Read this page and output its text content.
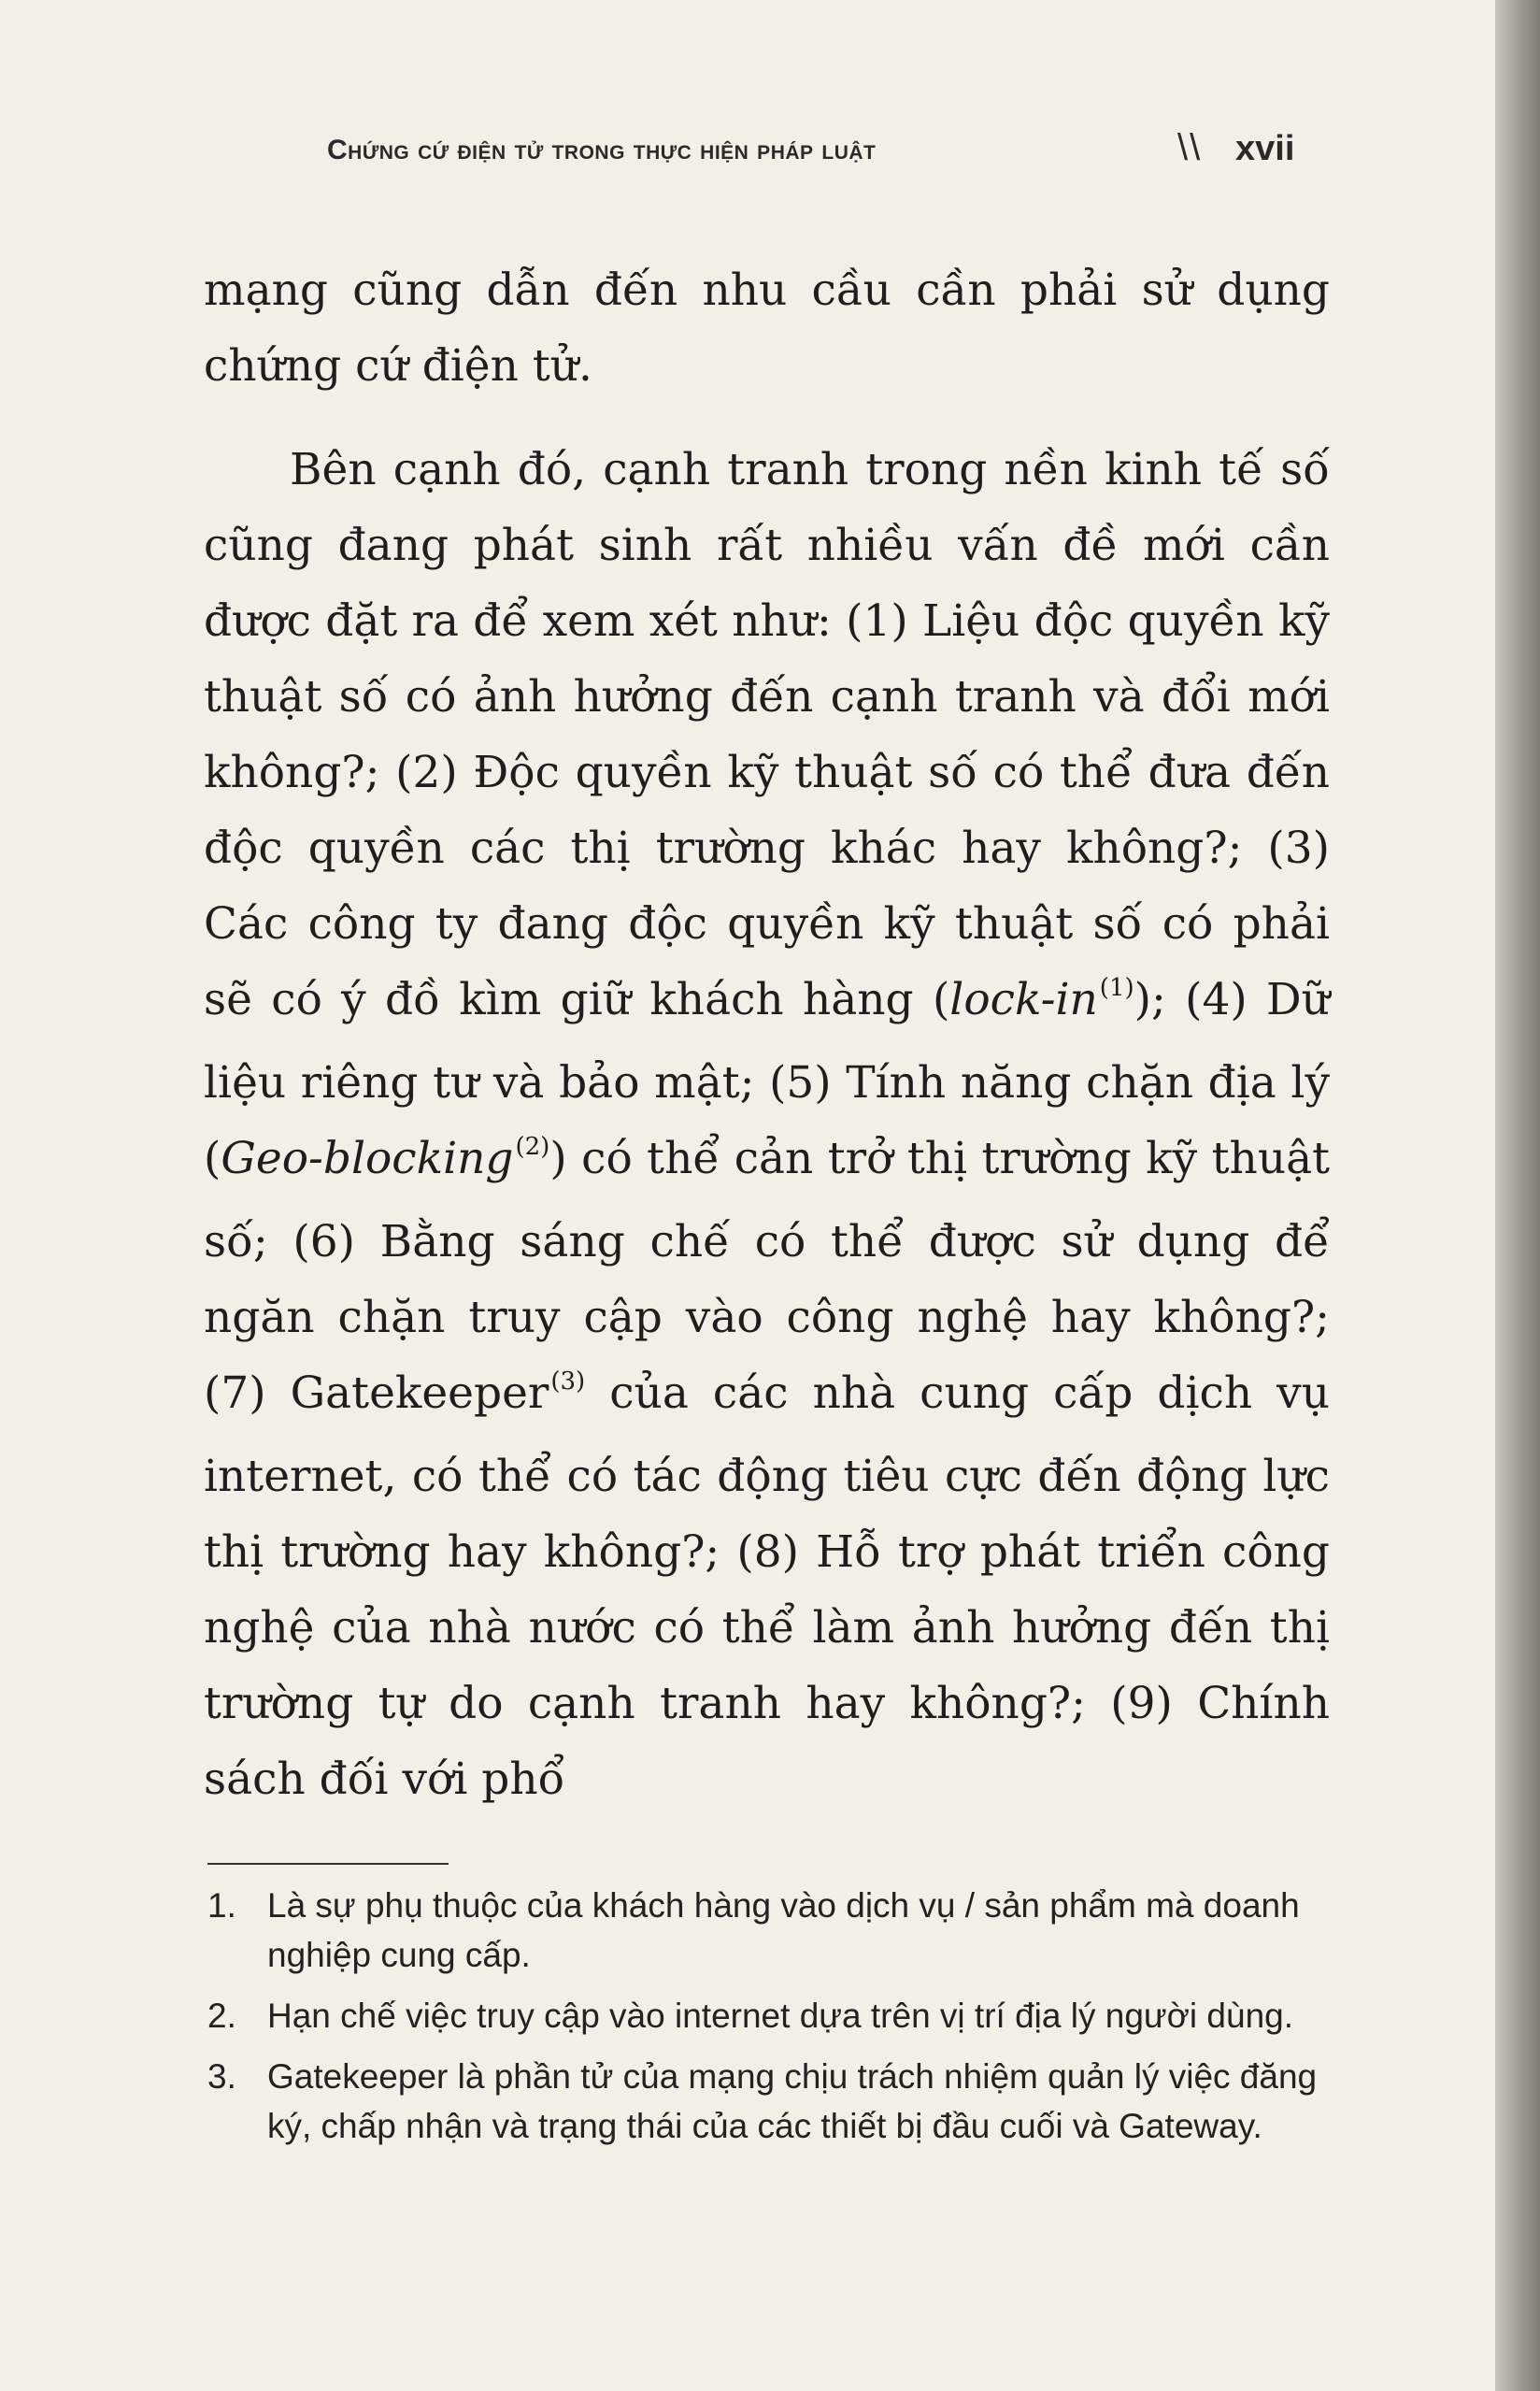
Chứng cứ điện tử trong thực hiện pháp luật	\\ xvii

mạng cũng dẫn đến nhu cầu cần phải sử dụng chứng cứ điện tử.

Bên cạnh đó, cạnh tranh trong nền kinh tế số cũng đang phát sinh rất nhiều vấn đề mới cần được đặt ra để xem xét như: (1) Liệu độc quyền kỹ thuật số có ảnh hưởng đến cạnh tranh và đổi mới không?; (2) Độc quyền kỹ thuật số có thể đưa đến độc quyền các thị trường khác hay không?; (3) Các công ty đang độc quyền kỹ thuật số có phải sẽ có ý đồ kìm giữ khách hàng (lock-in$^{(1)}$); (4) Dữ liệu riêng tư và bảo mật; (5) Tính năng chặn địa lý (Geo-blocking$^{(2)}$) có thể cản trở thị trường kỹ thuật số; (6) Bằng sáng chế có thể được sử dụng để ngăn chặn truy cập vào công nghệ hay không?; (7) Gatekeeper$^{(3)}$ của các nhà cung cấp dịch vụ internet, có thể có tác động tiêu cực đến động lực thị trường hay không?; (8) Hỗ trợ phát triển công nghệ của nhà nước có thể làm ảnh hưởng đến thị trường tự do cạnh tranh hay không?; (9) Chính sách đối với phổ

1. Là sự phụ thuộc của khách hàng vào dịch vụ / sản phẩm mà doanh nghiệp cung cấp.
2. Hạn chế việc truy cập vào internet dựa trên vị trí địa lý người dùng.
3. Gatekeeper là phần tử của mạng chịu trách nhiệm quản lý việc đăng ký, chấp nhận và trạng thái của các thiết bị đầu cuối và Gateway.
